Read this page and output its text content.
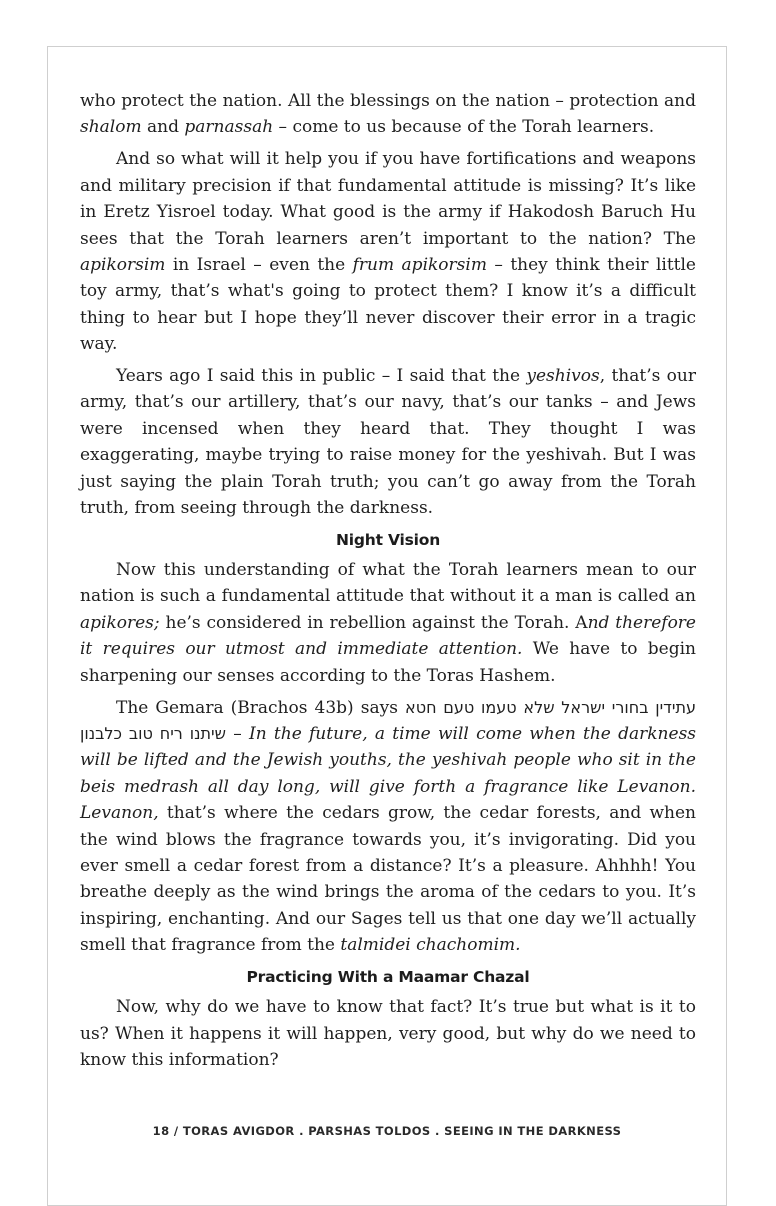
who protect the nation. All the blessings on the nation – protection and shalom and parnassah – come to us because of the Torah learners.

And so what will it help you if you have fortifications and weapons and military precision if that fundamental attitude is missing? It’s like in Eretz Yisroel today. What good is the army if Hakodosh Baruch Hu sees that the Torah learners aren’t important to the nation? The apikorsim in Israel – even the frum apikorsim – they think their little toy army, that’s what's going to protect them? I know it’s a difficult thing to hear but I hope they’ll never discover their error in a tragic way.

Years ago I said this in public – I said that the yeshivos, that’s our army, that’s our artillery, that’s our navy, that’s our tanks – and Jews were incensed when they heard that. They thought I was exaggerating, maybe trying to raise money for the yeshivah. But I was just saying the plain Torah truth; you can’t go away from the Torah truth, from seeing through the darkness.

Night Vision

Now this understanding of what the Torah learners mean to our nation is such a fundamental attitude that without it a man is called an apikores; he’s considered in rebellion against the Torah. And therefore it requires our utmost and immediate attention. We have to begin sharpening our senses according to the Toras Hashem.

The Gemara (Brachos 43b) says עתידין בחורי ישראל שלא טעמו טעם חטא שיתנו ריח טוב כלבנון – In the future, a time will come when the darkness will be lifted and the Jewish youths, the yeshivah people who sit in the beis medrash all day long, will give forth a fragrance like Levanon. Levanon, that’s where the cedars grow, the cedar forests, and when the wind blows the fragrance towards you, it’s invigorating. Did you ever smell a cedar forest from a distance? It’s a pleasure. Ahhhh! You breathe deeply as the wind brings the aroma of the cedars to you. It’s inspiring, enchanting. And our Sages tell us that one day we’ll actually smell that fragrance from the talmidei chachomim.

Practicing With a Maamar Chazal

Now, why do we have to know that fact? It’s true but what is it to us? When it happens it will happen, very good, but why do we need to know this information?

18 / TORAS AVIGDOR . PARSHAS TOLDOS . SEEING IN THE DARKNESS
